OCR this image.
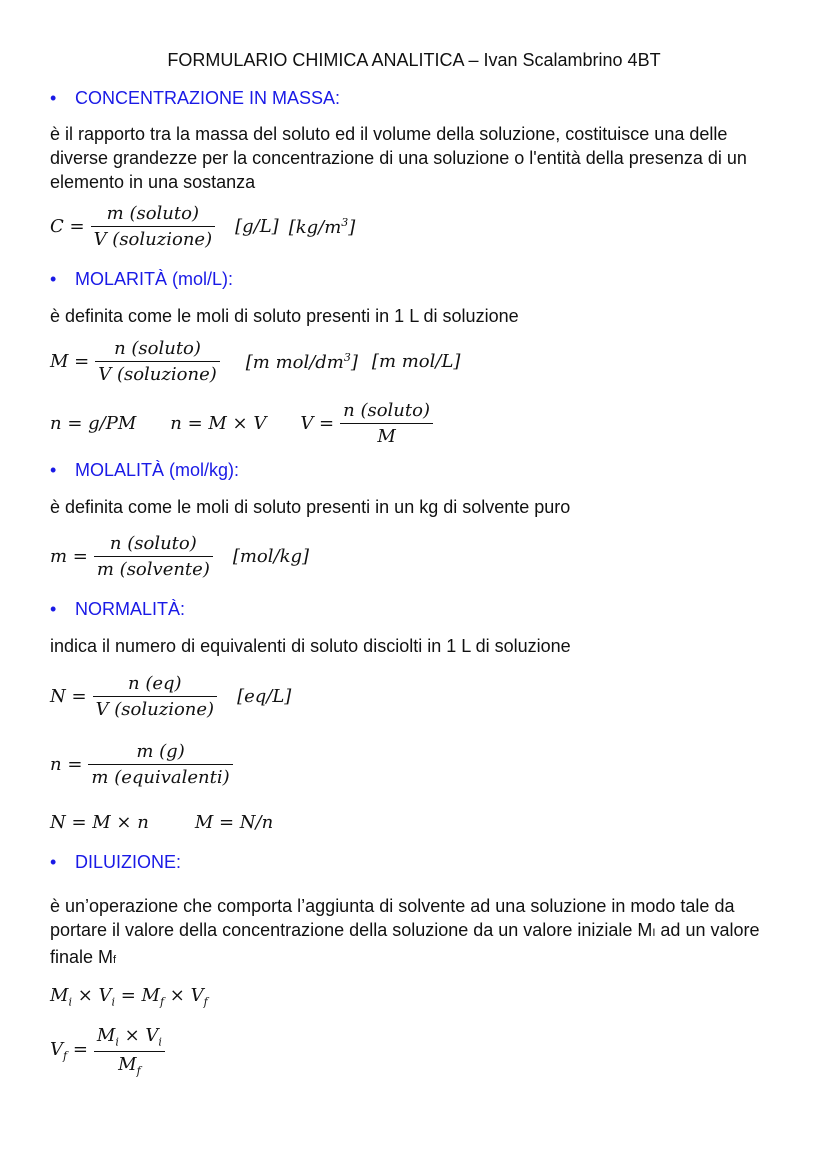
FORMULARIO CHIMICA ANALITICA – Ivan Scalambrino 4BT
• CONCENTRAZIONE IN MASSA:
è il rapporto tra la massa del soluto ed il volume della soluzione, costituisce una delle diverse grandezze per la concentrazione di una soluzione o l'entità della presenza di un elemento in una sostanza
$C = \frac{\text{m (soluto)}}{\text{V (soluzione)}} [g/L]$ $[kg/m^3]$
• MOLARITÀ (mol/L):
è definita come le moli di soluto presenti in 1 L di soluzione
$M = \frac{\text{n (soluto)}}{\text{V (soluzione)}} [m$ mol/$dm^3$] [m mol/L]
n = g/PM n = M × V $V = \frac{\text{n (soluto)}}{M}$
• MOLALITÀ (mol/kg):
è definita come le moli di soluto presenti in un kg di solvente puro
$m = \frac{\text{n (soluto)}}{\text{m (solvente)}} [mol/kg]$
• NORMALITÀ:
indica il numero di equivalenti di soluto disciolti in 1 L di soluzione
$N = \frac{n (eq)}{\text{V (soluzione)}} [eq/L]$
$n = \frac{m (g)}{\text{m (equivalenti)}}$
N = M × n	M = N/n
• DILUIZIONE:
è un’operazione che comporta l’aggiunta di solvente ad una soluzione in modo tale da portare il valore della concentrazione della soluzione da un valore iniziale MI ad un valore finale Mf
$M_i \times V_i = M_f \times V_f$
$V_f = \frac{M_i \times V_i}{M_f}$
